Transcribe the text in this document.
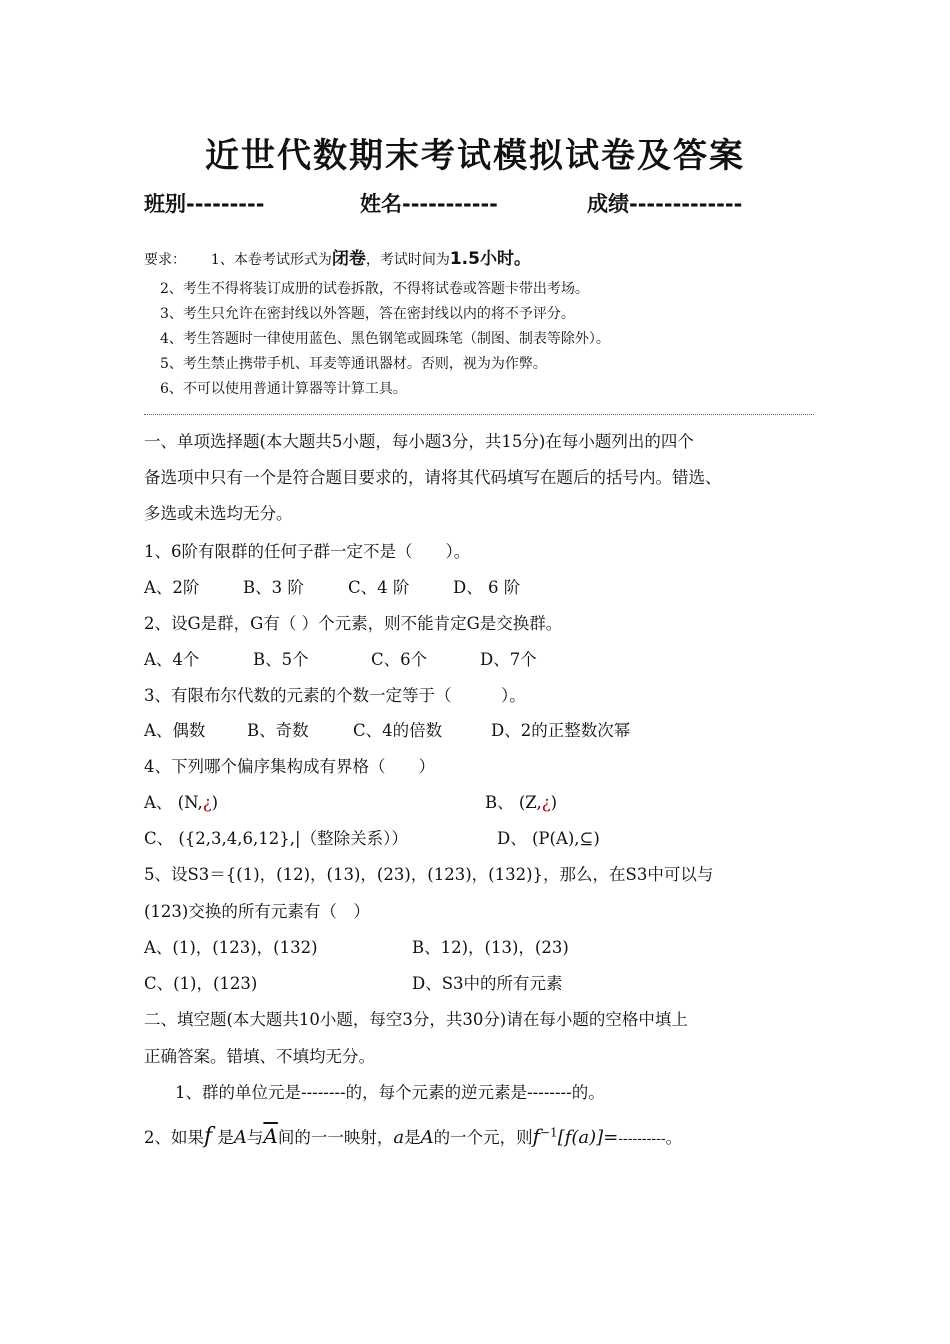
近世代数期末考试模拟试卷及答案
班别---------	姓名-----------	成绩-------------
要求： 1、本卷考试形式为闭卷，考试时间为1.5小时。
2、考生不得将装订成册的试卷拆散，不得将试卷或答题卡带出考场。
3、考生只允许在密封线以外答题，答在密封线以内的将不予评分。
4、考生答题时一律使用蓝色、黑色钢笔或圆珠笔（制图、制表等除外）。
5、考生禁止携带手机、耳麦等通讯器材。否则，视为为作弊。
6、不可以使用普通计算器等计算工具。
一、单项选择题(本大题共5小题，每小题3分，共15分)在每小题列出的四个
备选项中只有一个是符合题目要求的，请将其代码填写在题后的括号内。错选、
多选或未选均无分。
1、6阶有限群的任何子群一定不是（　　）。
A、2阶	B、3 阶	C、4 阶	D、 6 阶
2、设G是群，G有（ ）个元素，则不能肯定G是交换群。
A、4个	B、5个	C、6个	D、7个
3、有限布尔代数的元素的个数一定等于（　　　）。
A、偶数	B、奇数	C、4的倍数	D、2的正整数次幂
4、下列哪个偏序集构成有界格（　　）
A、 (N,¿)	B、 (Z,¿)
C、 ({2,3,4,6,12},|（整除关系））	D、 (P(A),⊆)
5、设S3＝{(1)，(12)，(13)，(23)，(123)，(132)}，那么，在S3中可以与
(123)交换的所有元素有（　）
A、(1)，(123)，(132)	B、12)，(13)，(23)
C、(1)，(123)	D、S3中的所有元素
二、填空题(本大题共10小题，每空3分，共30分)请在每小题的空格中填上
正确答案。错填、不填均无分。
1、群的单位元是--------的，每个元素的逆元素是--------的。
2、如果f 是A与$\overline{A}$间的一一映射，a是A的一个元，则$f^{-1}[f(a)]=----------$。
